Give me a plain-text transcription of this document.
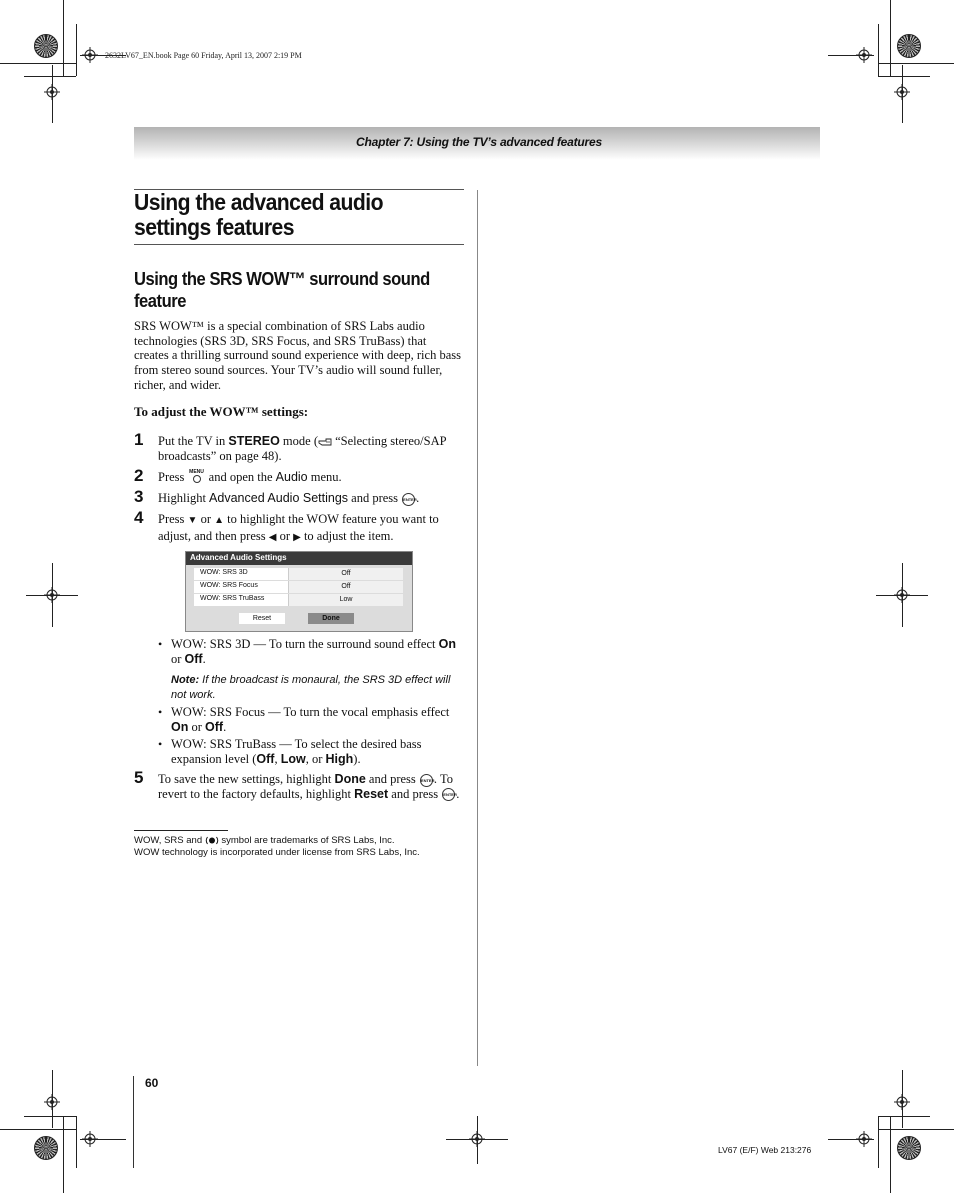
2632LV67_EN.book Page 60 Friday, April 13, 2007 2:19 PM
Chapter 7: Using the TV’s advanced features
Using the advanced audio settings features
Using the SRS WOW™ surround sound feature
SRS WOW™ is a special combination of SRS Labs audio technologies (SRS 3D, SRS Focus, and SRS TruBass) that creates a thrilling surround sound experience with deep, rich bass from stereo sound sources. Your TV’s audio will sound fuller, richer, and wider.
To adjust the WOW™ settings:
1 Put the TV in STEREO mode ( “Selecting stereo/SAP broadcasts” on page 48).
2 Press MENU and open the Audio menu.
3 Highlight Advanced Audio Settings and press ENTER.
4 Press ▼ or ▲ to highlight the WOW feature you want to adjust, and then press ◀ or ▶ to adjust the item.
Advanced Audio Settings
WOW: SRS 3D	Off
WOW: SRS Focus	Off
WOW: SRS TruBass	Low
Reset	Done
• WOW: SRS 3D — To turn the surround sound effect On or Off.
Note: If the broadcast is monaural, the SRS 3D effect will not work.
• WOW: SRS Focus — To turn the vocal emphasis effect On or Off.
• WOW: SRS TruBass — To select the desired bass expansion level (Off, Low, or High).
5 To save the new settings, highlight Done and press ENTER. To revert to the factory defaults, highlight Reset and press ENTER.
WOW, SRS and  symbol are trademarks of SRS Labs, Inc.
WOW technology is incorporated under license from SRS Labs, Inc.
60
LV67 (E/F) Web 213:276
